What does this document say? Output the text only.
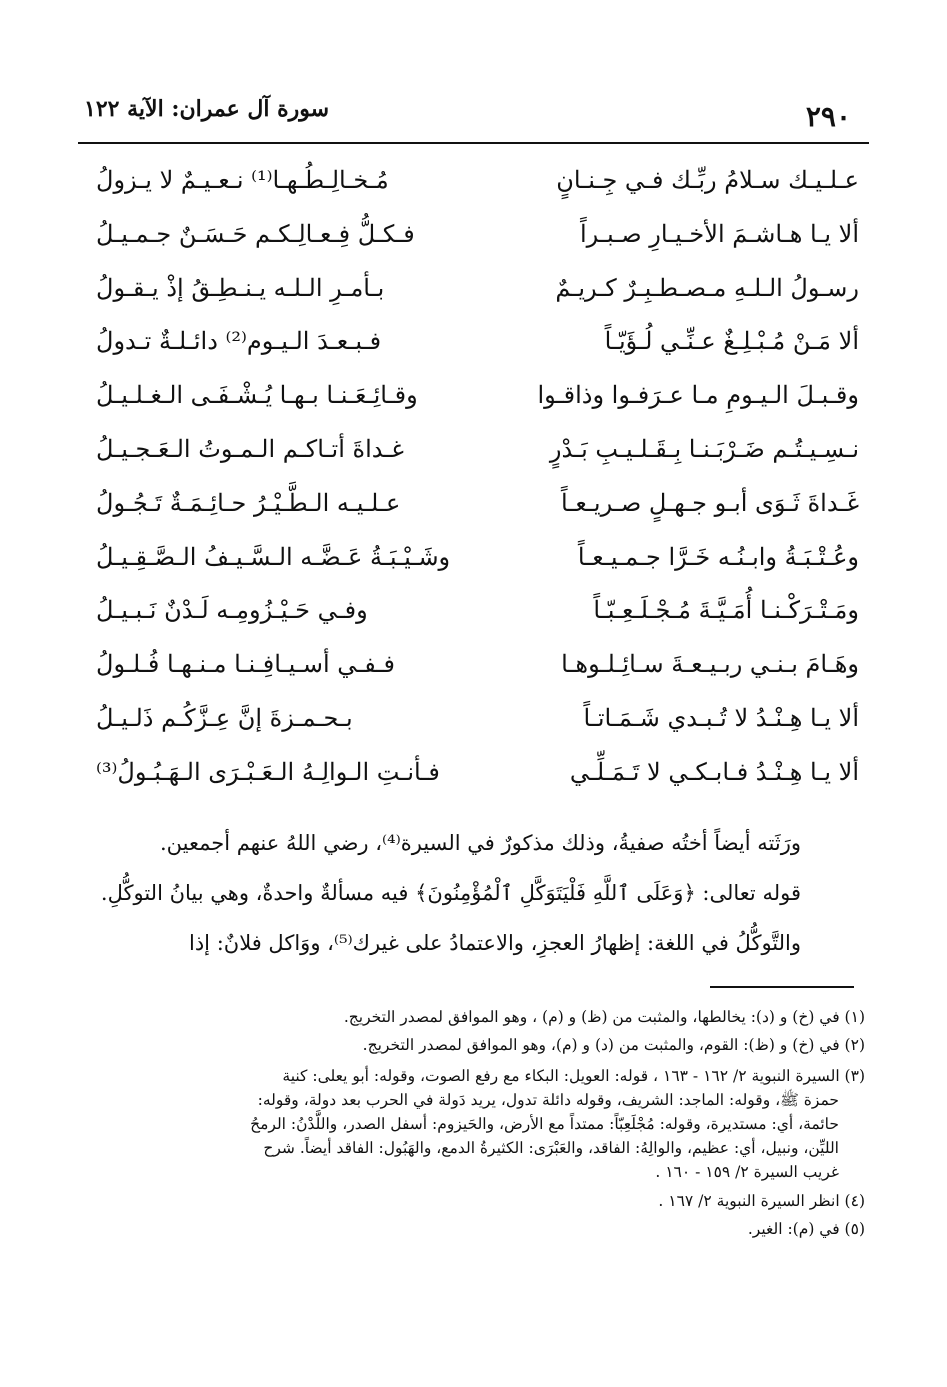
٢٩٠
سورة آل عمران: الآية ١٢٢
عـلـيـك سـلامُ ربِّـك فـي جِـنـانٍ
مُـخـالِـطُـهـا⁽¹⁾ نـعـيـمٌ لا يـزولُ
ألا يـا هـاشـمَ الأخـيـارِ صـبـراً
فـكـلُّ فِـعـالِـكـم حَـسَـنٌ جـمـيـلُ
رسـولُ الـلـهِ مـصـطـبِـرٌ كـريـمٌ
بـأمـرِ الـلـه يـنـطِـقُ إذْ يـقـولُ
ألا مَـنْ مُـبْـلِـغٌ عـنِّـي لُـؤَيّـاً
فـبـعـدَ الـيـوم⁽²⁾ دائـلـةٌ تـدولُ
وقـبـلَ الـيـومِ مـا عـرَفـوا وذاقـوا
وقـائِـعَـنـا بـهـا يُـشْـفَـى الـغـلـيـلُ
نـسِـيـتُـم ضَـرْبَـنـا بِـقَـلـيـبِ بَـدْرٍ
غـداةَ أتـاكـم الـمـوتُ الـعَـجـيـلُ
غَـداةَ ثَـوَى أبـو جـهـلٍ صـريـعـاً
عـلـيـه الـطَّـيْـرُ حـائِـمَـةٌ تَـجُـولُ
وعُـتْـبَـةُ وابـنُـه خَـرَّا جـمـيـعـاً
وشَـيْـبَـةُ عَـضَّـه الـسَّـيـفُ الـصَّـقِـيـلُ
ومَـتْـرَكْـنـا أُمَـيَّـةَ مُـجْـلَـعِـبّـاً
وفـي حَـيْـزُومِـه لَـدْنٌ نَـبـيـلُ
وهَـامَ بـنـي ربـيـعـةَ سـائِـلـوهـا
فـفـي أسـيـافِـنـا مـنـهـا فُـلـولُ
ألا يـا هِـنْـدُ لا تُـبـدي شَـمَـاتـاً
بـحـمـزةَ إنَّ عِـزَّكُـم ذَلـيـلُ
ألا يـا هِـنْـدُ فـابـكـي لا تَـمَـلِّـي
فـأنـتِ الـوالِـهُ الـعَـبْـرَى الـهَـبُـولُ⁽³⁾

ورَثَته أيضاً أختُه صفيةُ، وذلك مذكورٌ في السيرة⁽⁴⁾، رضي اللهُ عنهم أجمعين.

قوله تعالى: ﴿وَعَلَى ٱللَّهِ فَلْيَتَوَكَّلِ ٱلْمُؤْمِنُونَ﴾ فيه مسألةٌ واحدةٌ، وهي بيانُ التوكُّلِ.

والتَّوكُّلُ في اللغة: إظهارُ العجزِ، والاعتمادُ على غيرك⁽⁵⁾، ووَاكل فلانٌ: إذا

(١) في (خ) و (د): يخالطها، والمثبت من (ظ) و (م) ، وهو الموافق لمصدر التخريج.

(٢) في (خ) و (ظ): القوم، والمثبت من (د) و (م)، وهو الموافق لمصدر التخريج.

(٣) السيرة النبوية ٢/ ١٦٢ - ١٦٣ ، قوله: العويل: البكاء مع رفع الصوت، وقوله: أبو يعلى: كنية
حمزة ﷺ، وقوله: الماجد: الشريف، وقوله دائلة تدول، يريد دَولة في الحرب بعد دولة، وقوله:
حائمة، أي: مستديرة، وقوله: مُجْلَعِبّاً: ممتداً مع الأرض، والحَيزوم: أسفل الصدر، واللَّدْنُ: الرمحُ
الليِّن، ونبيل، أي: عظيم، والوالِهُ: الفاقد، والعَبْرَى: الكثيرةُ الدمع، والهَبُول: الفاقد أيضاً. شرح
غريب السيرة ٢/ ١٥٩ - ١٦٠ .

(٤) انظر السيرة النبوية ٢/ ١٦٧ .

(٥) في (م): الغير.
